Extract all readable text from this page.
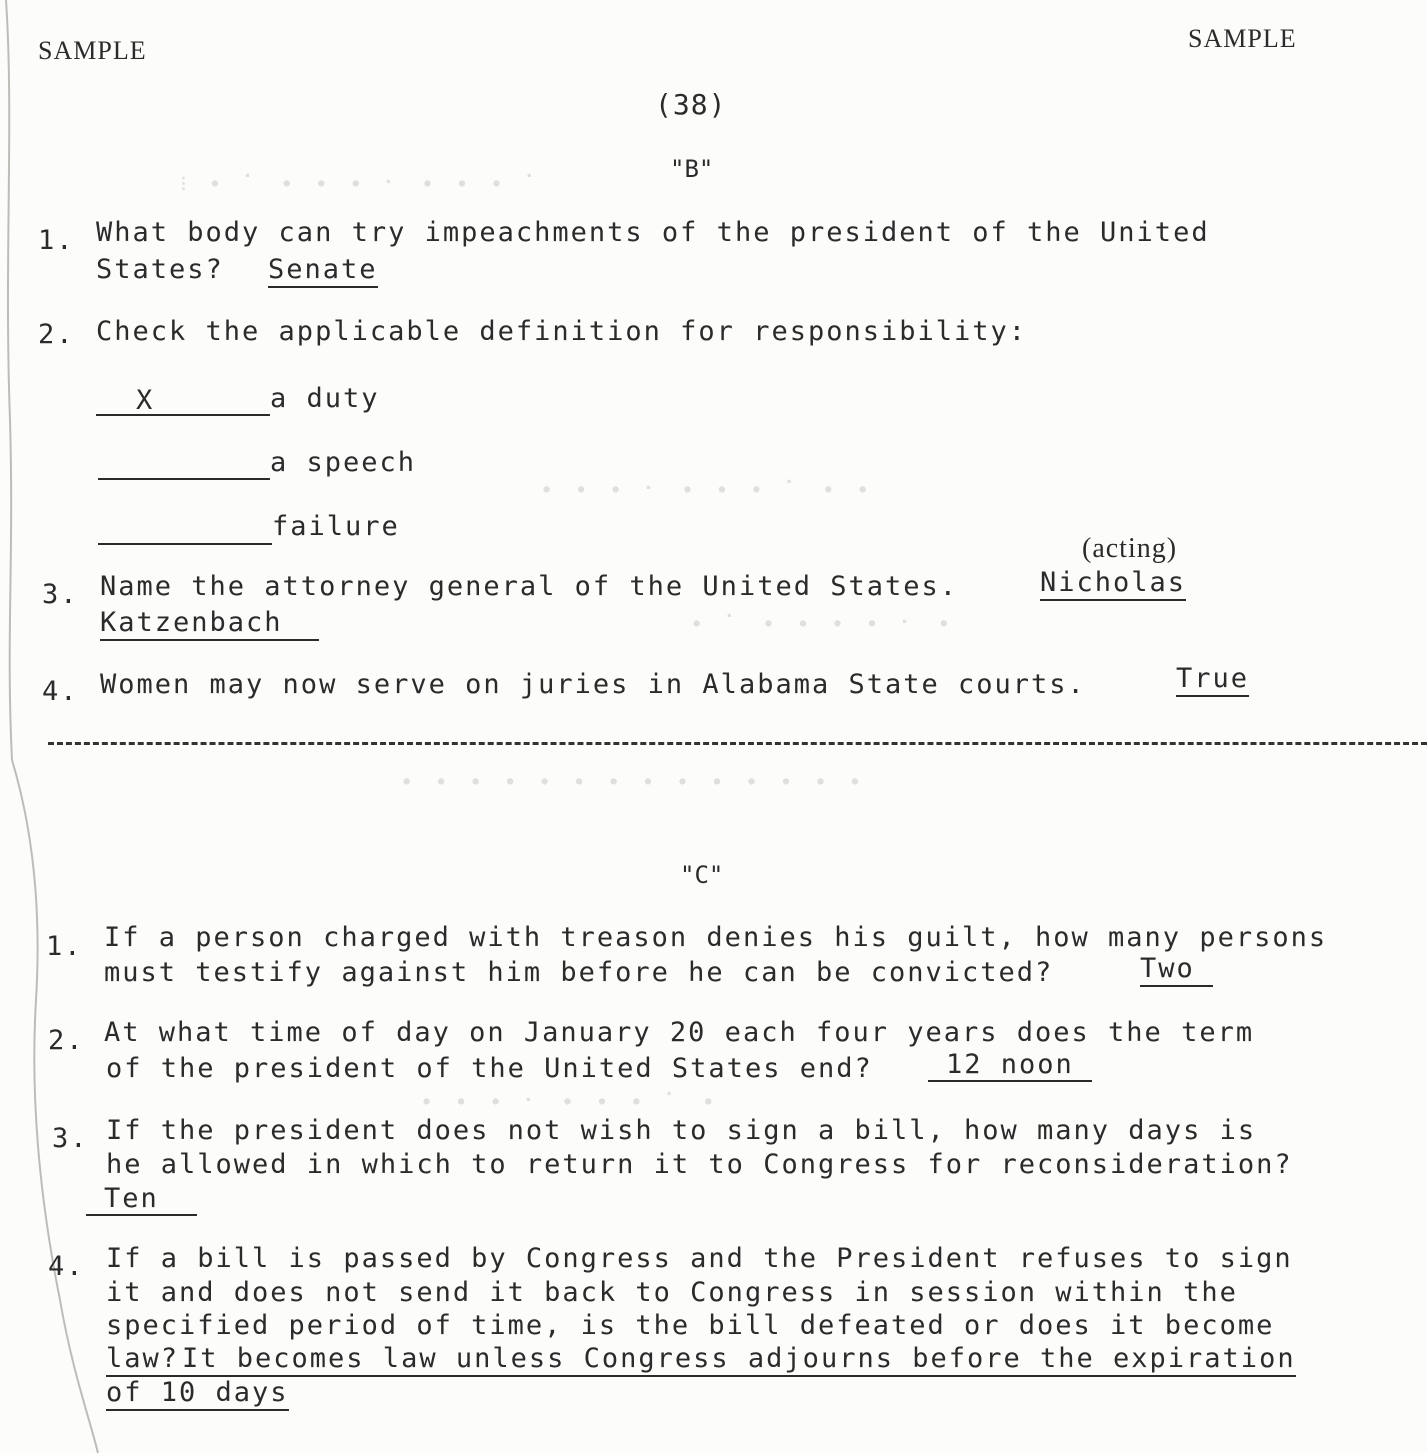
⁝ ∙ ⠁ ∙ ∙ ∙ ⠂ ∙ ∙ ∙ ⠁
∙ ∙ ∙ ⠂ ∙ ∙ ∙ ⠁ ∙ ∙
∙ ⠁ ∙ ∙ ∙ ∙ ⠂ ∙
∙ ∙ ∙ ∙ ∙ ∙ ∙ ∙ ∙ ∙ ∙ ∙ ∙ ∙
∙ ∙ ∙ ⠂ ∙ ∙ ∙ ⠁ ∙
SAMPLE	SAMPLE
(38)
"B"
1. What body can try impeachments of the president of the United
States? Senate
2. Check the applicable definition for responsibility:
X	a duty
a speech
failure
(acting)
3. Name the attorney general of the United States.	Nicholas
Katzenbach
4. Women may now serve on juries in Alabama State courts.	True
"C"
1. If a person charged with treason denies his guilt, how many persons
must testify against him before he can be convicted?	Two
2. At what time of day on January 20 each four years does the term
of the president of the United States end?	12 noon
3. If the president does not wish to sign a bill, how many days is
he allowed in which to return it to Congress for reconsideration?
Ten
4. If a bill is passed by Congress and the President refuses to sign
it and does not send it back to Congress in session within the
specified period of time, is the bill defeated or does it become
law? It becomes law unless Congress adjourns before the expiration
of 10 days
